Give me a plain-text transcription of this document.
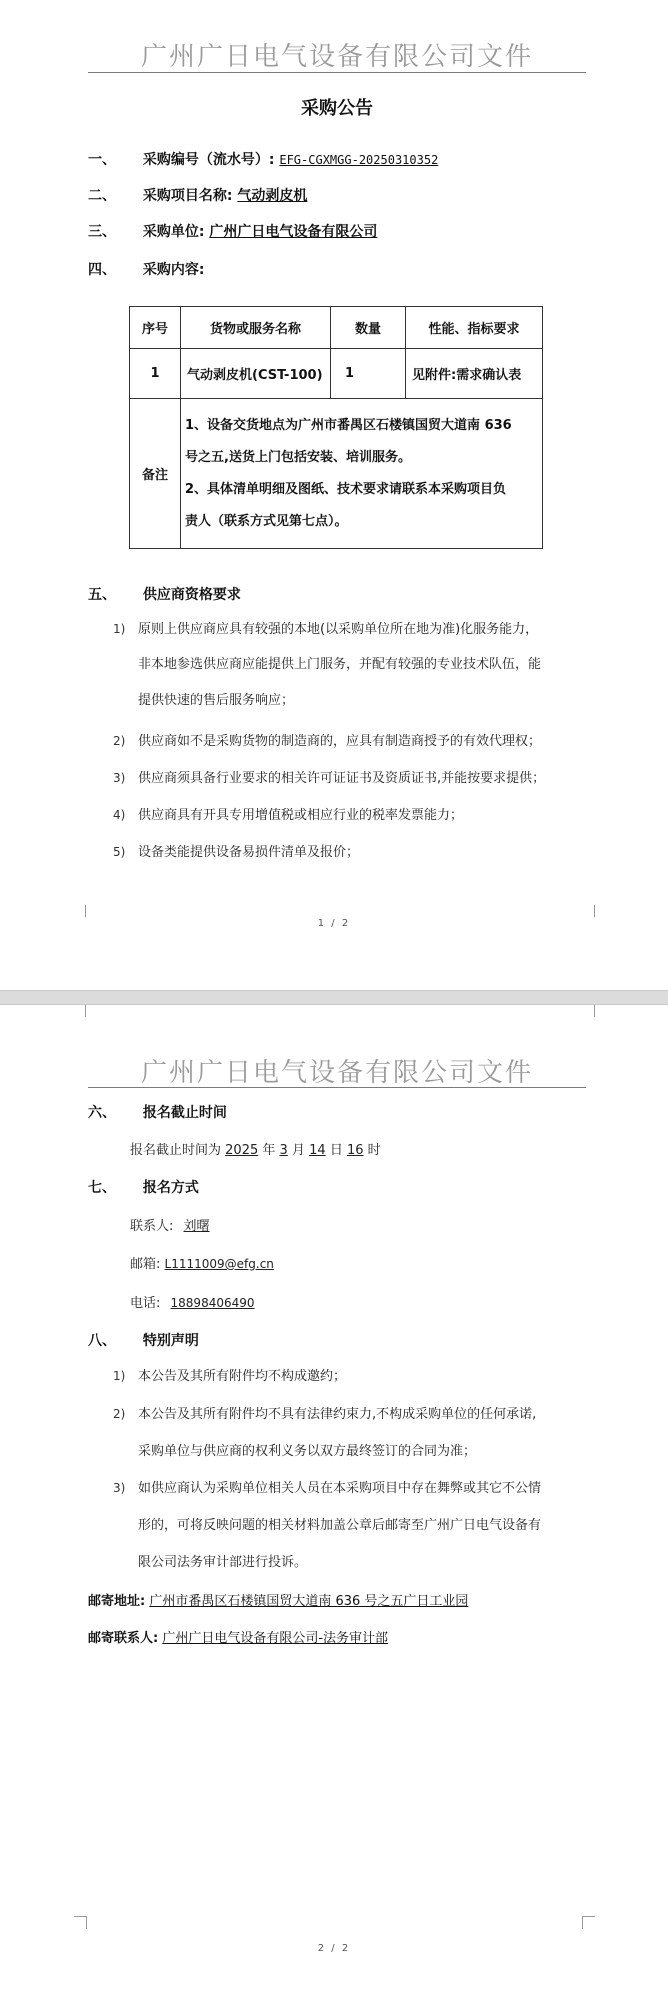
广州广日电气设备有限公司文件
采购公告
一、 采购编号（流水号）: EFG-CGXMGG-20250310352
二、 采购项目名称: 气动剥皮机
三、 采购单位: 广州广日电气设备有限公司
四、 采购内容:
序号	货物或服务名称	数量	性能、指标要求
1	气动剥皮机(CST-100)	1	见附件:需求确认表
备注	1、设备交货地点为广州市番禺区石楼镇国贸大道南 636
号之五,送货上门包括安装、培训服务。
2、具体清单明细及图纸、技术要求请联系本采购项目负
责人（联系方式见第七点）。		
五、 供应商资格要求
1) 原则上供应商应具有较强的本地(以采购单位所在地为准)化服务能力，
非本地参选供应商应能提供上门服务，并配有较强的专业技术队伍，能
提供快速的售后服务响应；
2) 供应商如不是采购货物的制造商的，应具有制造商授予的有效代理权；
3) 供应商须具备行业要求的相关许可证证书及资质证书,并能按要求提供；
4) 供应商具有开具专用增值税或相应行业的税率发票能力；
5) 设备类能提供设备易损件清单及报价；
1 / 2
广州广日电气设备有限公司文件
六、 报名截止时间
报名截止时间为 2025 年 3 月 14 日 16 时
七、 报名方式
联系人: 刘曙
邮箱: L1111009@efg.cn
电话: 18898406490
八、 特别声明
1) 本公告及其所有附件均不构成邀约；
2) 本公告及其所有附件均不具有法律约束力,不构成采购单位的任何承诺,
采购单位与供应商的权利义务以双方最终签订的合同为准；
3) 如供应商认为采购单位相关人员在本采购项目中存在舞弊或其它不公情
形的，可将反映问题的相关材料加盖公章后邮寄至广州广日电气设备有
限公司法务审计部进行投诉。
邮寄地址: 广州市番禺区石楼镇国贸大道南 636 号之五广日工业园
邮寄联系人: 广州广日电气设备有限公司-法务审计部
2 / 2
